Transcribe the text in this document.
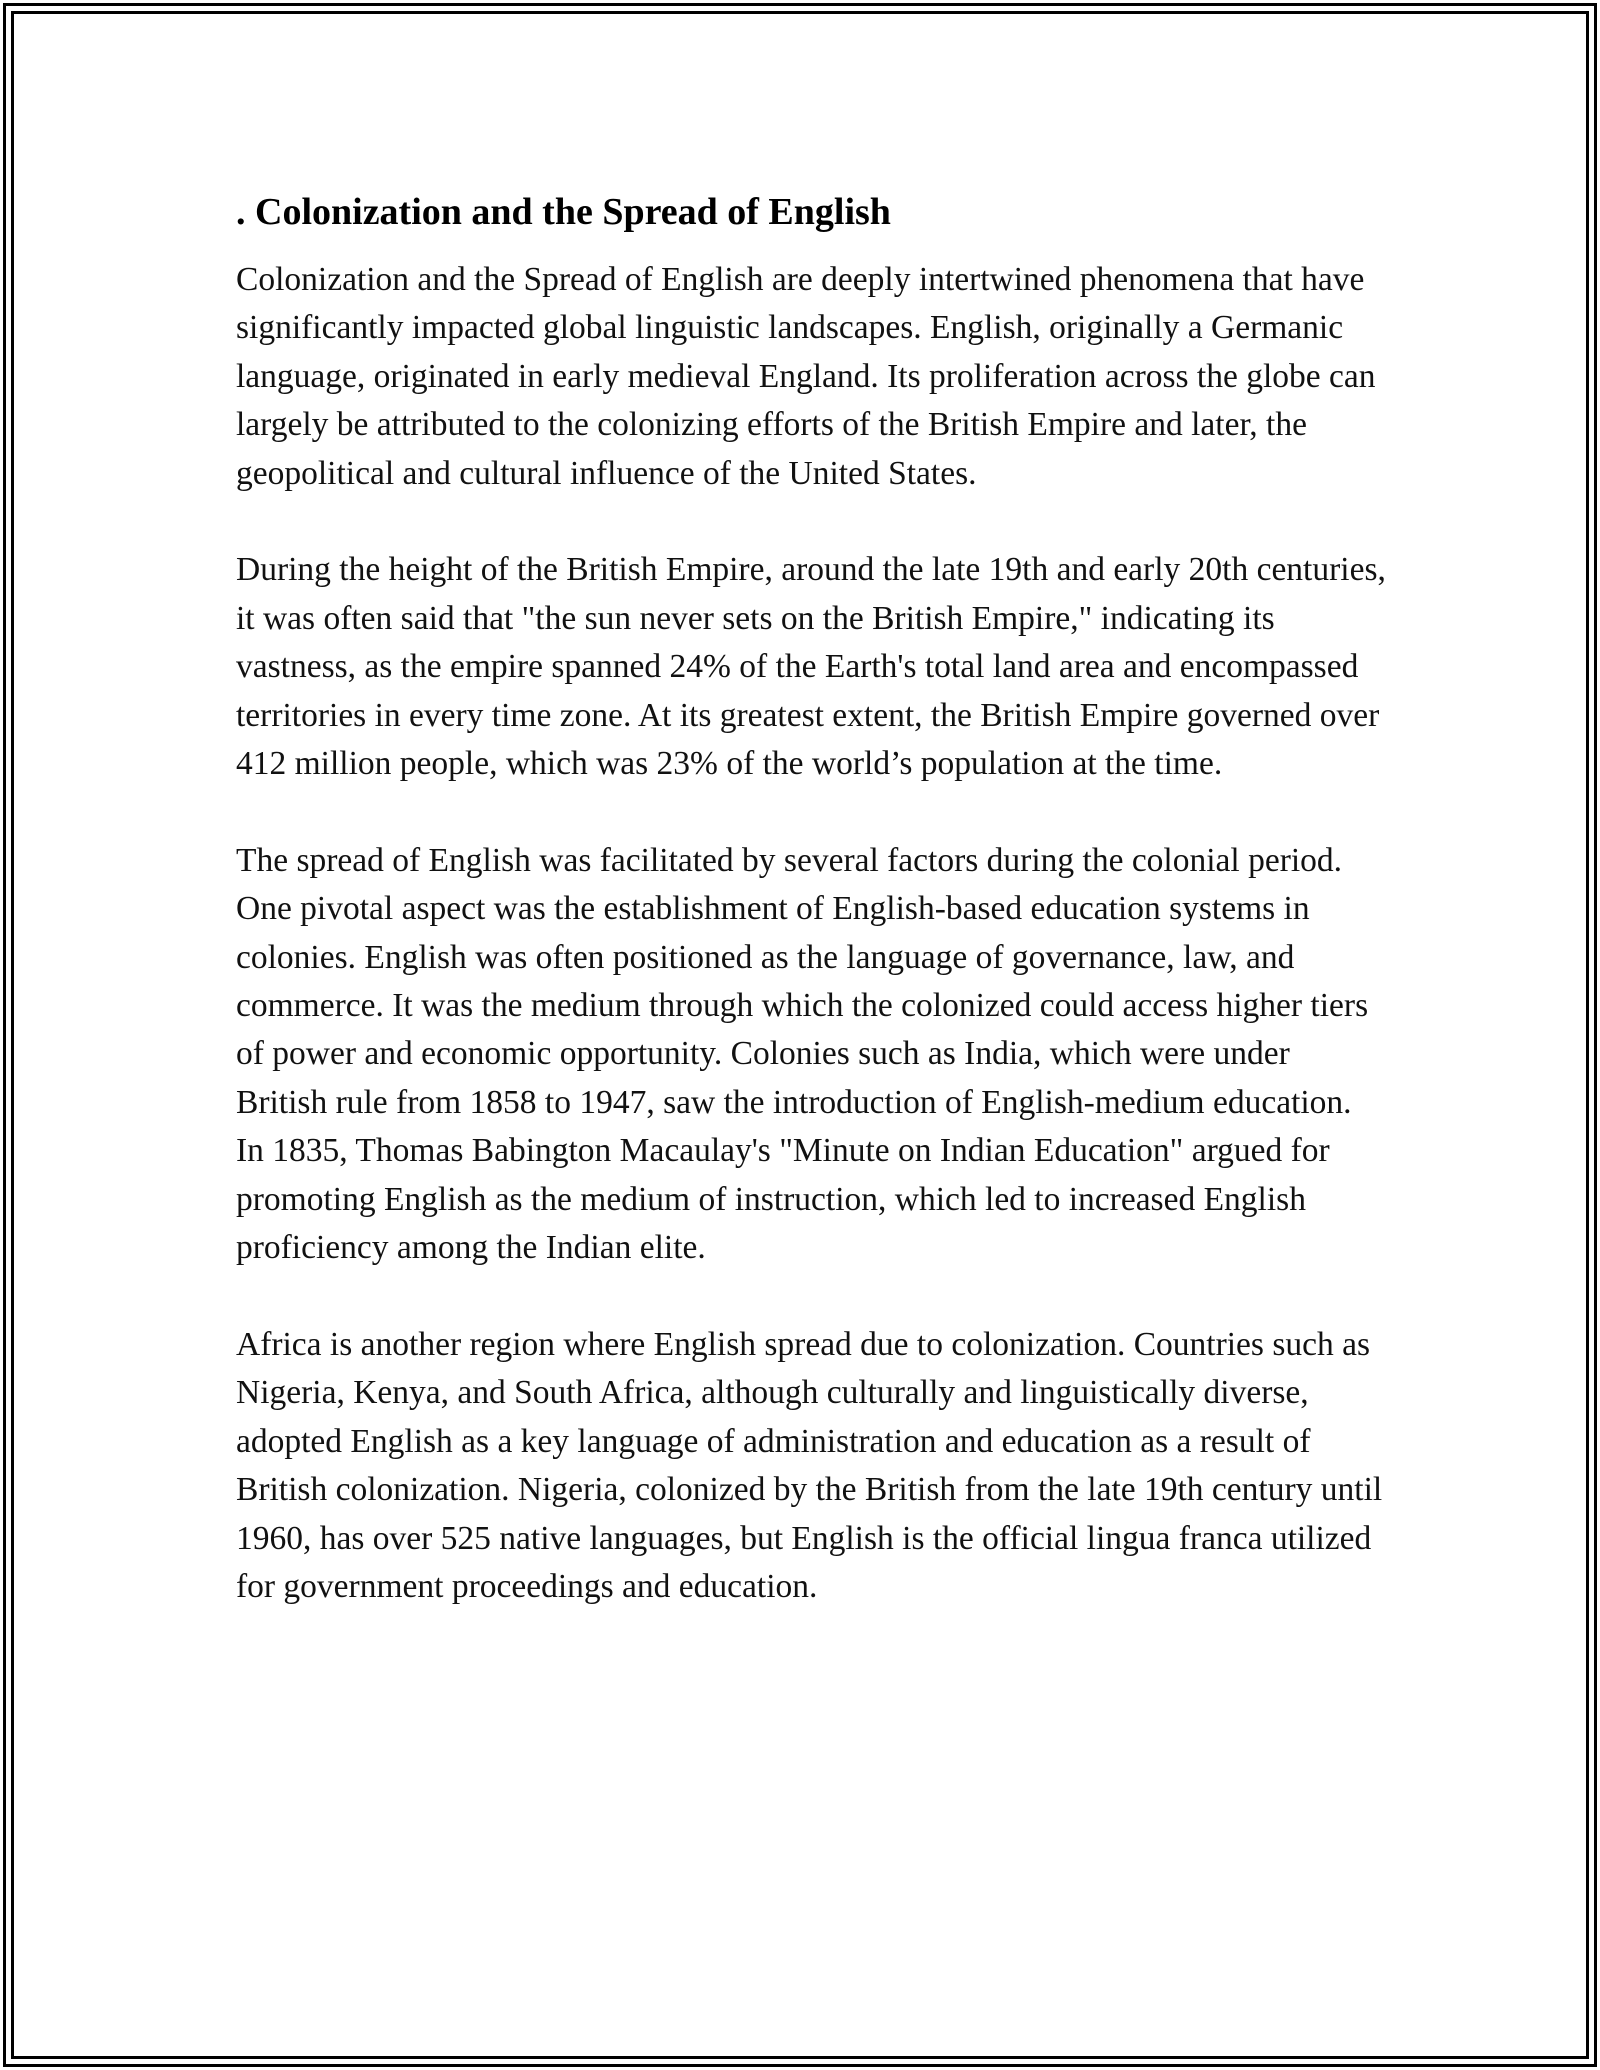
. Colonization and the Spread of English

Colonization and the Spread of English are deeply intertwined phenomena that have significantly impacted global linguistic landscapes. English, originally a Germanic language, originated in early medieval England. Its proliferation across the globe can largely be attributed to the colonizing efforts of the British Empire and later, the geopolitical and cultural influence of the United States.

During the height of the British Empire, around the late 19th and early 20th centuries, it was often said that "the sun never sets on the British Empire," indicating its vastness, as the empire spanned 24% of the Earth's total land area and encompassed territories in every time zone. At its greatest extent, the British Empire governed over 412 million people, which was 23% of the world’s population at the time.

The spread of English was facilitated by several factors during the colonial period. One pivotal aspect was the establishment of English-based education systems in colonies. English was often positioned as the language of governance, law, and commerce. It was the medium through which the colonized could access higher tiers of power and economic opportunity. Colonies such as India, which were under British rule from 1858 to 1947, saw the introduction of English-medium education. In 1835, Thomas Babington Macaulay's "Minute on Indian Education" argued for promoting English as the medium of instruction, which led to increased English proficiency among the Indian elite.

Africa is another region where English spread due to colonization. Countries such as Nigeria, Kenya, and South Africa, although culturally and linguistically diverse, adopted English as a key language of administration and education as a result of British colonization. Nigeria, colonized by the British from the late 19th century until 1960, has over 525 native languages, but English is the official lingua franca utilized for government proceedings and education.
